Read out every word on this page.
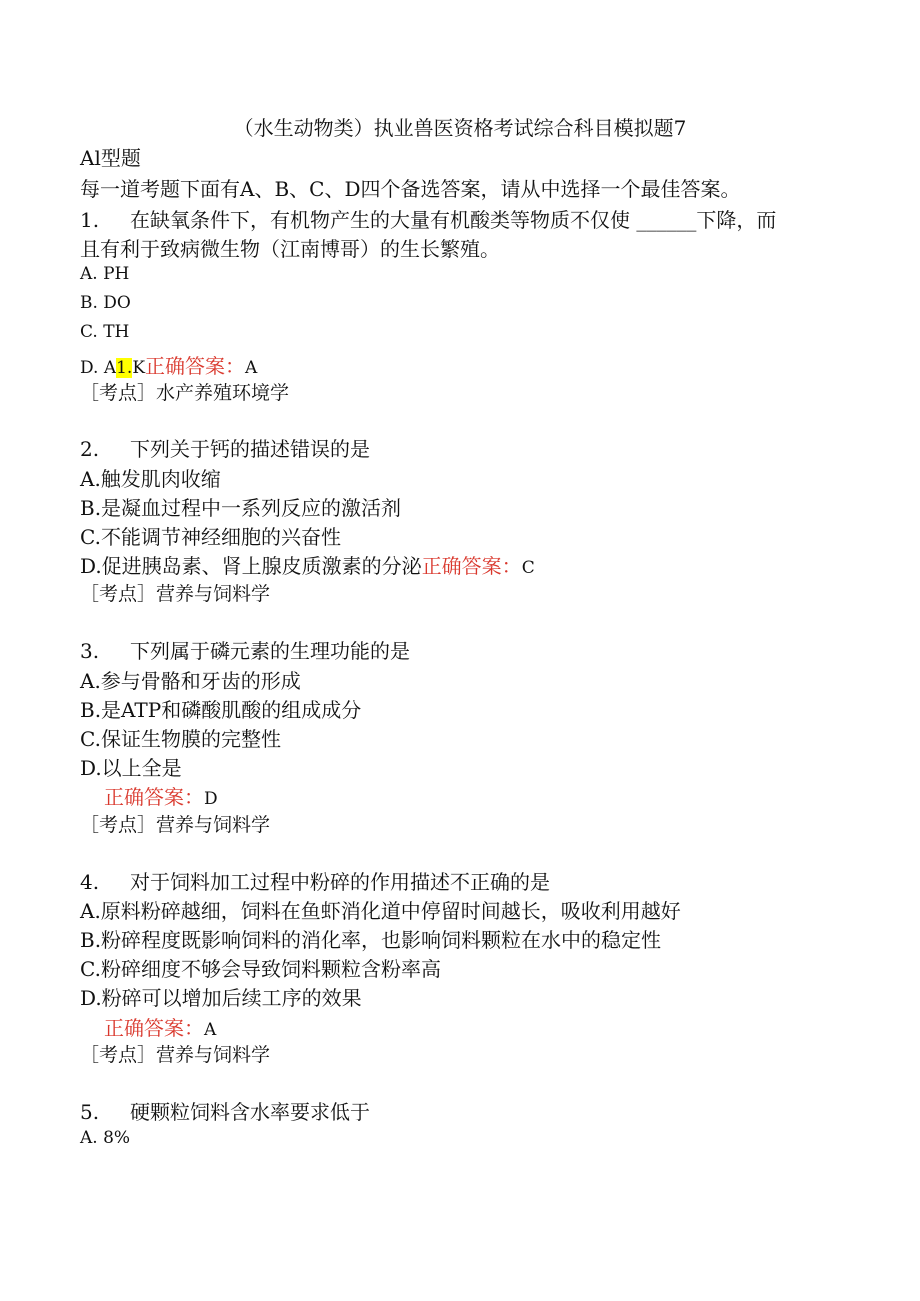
（水生动物类）执业兽医资格考试综合科目模拟题7
Al型题
每一道考题下面有A、B、C、D四个备选答案，请从中选择一个最佳答案。
1. 在缺氧条件下，有机物产生的大量有机酸类等物质不仅使 ______下降，而
且有利于致病微生物（江南博哥）的生长繁殖。
A. PH
B. DO
C. TH
D. A1.K正确答案：A
［考点］水产养殖环境学
2. 下列关于钙的描述错误的是
A.触发肌肉收缩
B.是凝血过程中一系列反应的激活剂
C.不能调节神经细胞的兴奋性
D.促进胰岛素、肾上腺皮质激素的分泌正确答案：C
［考点］营养与饲料学
3. 下列属于磷元素的生理功能的是
A.参与骨骼和牙齿的形成
B.是ATP和磷酸肌酸的组成成分
C.保证生物膜的完整性
D.以上全是
正确答案：D
［考点］营养与饲料学
4. 对于饲料加工过程中粉碎的作用描述不正确的是
A.原料粉碎越细，饲料在鱼虾消化道中停留时间越长，吸收利用越好
B.粉碎程度既影响饲料的消化率，也影响饲料颗粒在水中的稳定性
C.粉碎细度不够会导致饲料颗粒含粉率高
D.粉碎可以增加后续工序的效果
正确答案：A
［考点］营养与饲料学
5. 硬颗粒饲料含水率要求低于
A. 8%
